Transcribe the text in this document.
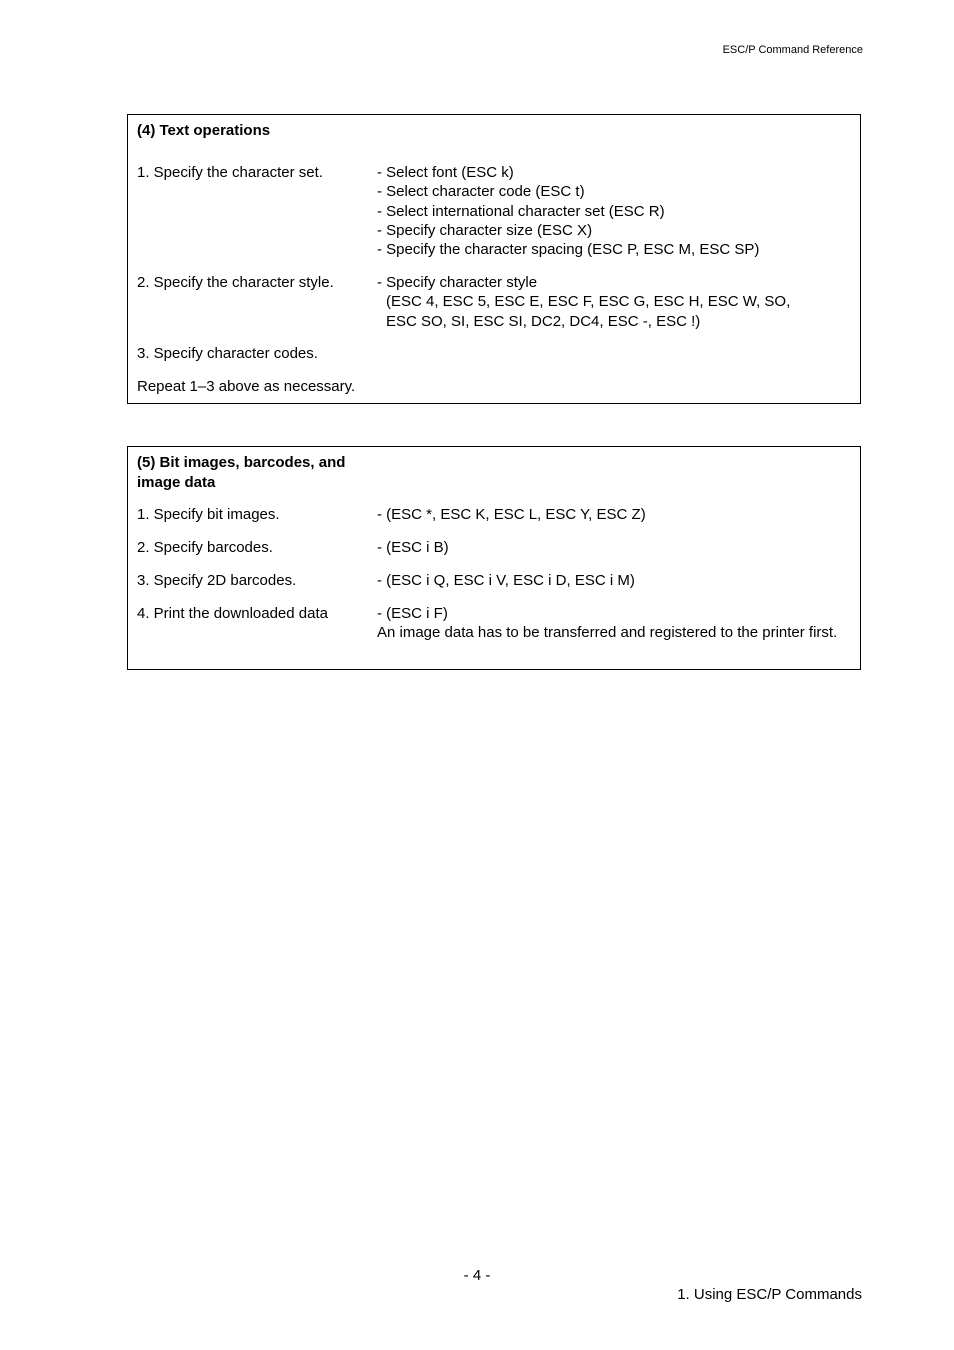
ESC/P Command Reference
(4) Text operations
1. Specify the character set.	- Select font (ESC k)
- Select character code (ESC t)
- Select international character set (ESC R)
- Specify character size (ESC X)
- Specify the character spacing (ESC P, ESC M, ESC SP)
2. Specify the character style.	- Specify character style
(ESC 4, ESC 5, ESC E, ESC F, ESC G, ESC H, ESC W, SO,
ESC SO, SI, ESC SI, DC2, DC4, ESC -, ESC !)
3. Specify character codes.
Repeat 1–3 above as necessary.
(5) Bit images, barcodes, and image data
1. Specify bit images.	- (ESC *, ESC K, ESC L, ESC Y, ESC Z)
2. Specify barcodes.	- (ESC i B)
3. Specify 2D barcodes.	- (ESC i Q, ESC i V, ESC i D, ESC i M)
4. Print the downloaded data	- (ESC i F)
An image data has to be transferred and registered to the printer first.
- 4 -
1. Using ESC/P Commands
